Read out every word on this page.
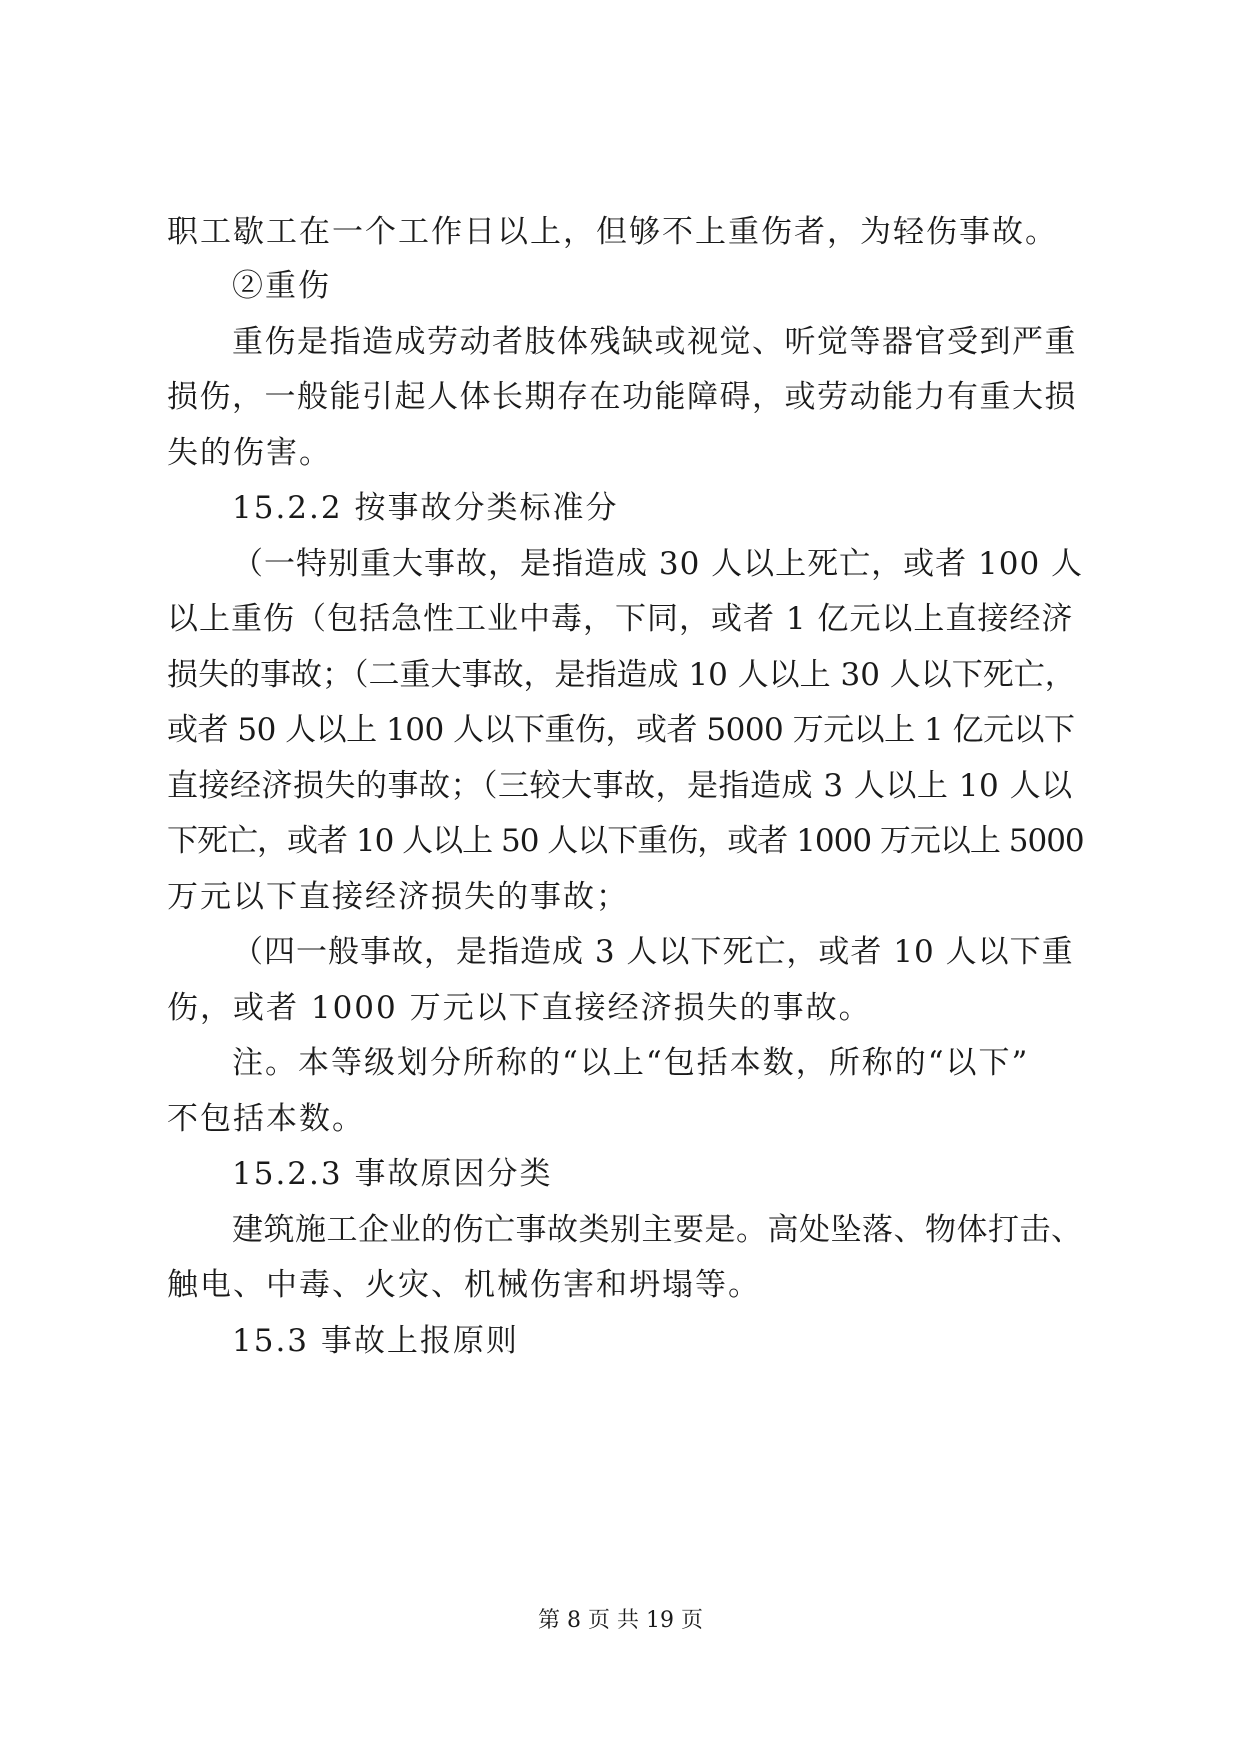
职工歇工在一个工作日以上，但够不上重伤者，为轻伤事故。
②重伤
重伤是指造成劳动者肢体残缺或视觉、听觉等器官受到严重
损伤，一般能引起人体长期存在功能障碍，或劳动能力有重大损
失的伤害。
15.2.2 按事故分类标准分
（一特别重大事故，是指造成 30 人以上死亡，或者 100 人
以上重伤（包括急性工业中毒，下同，或者 1 亿元以上直接经济
损失的事故；（二重大事故，是指造成 10 人以上 30 人以下死亡，
或者 50 人以上 100 人以下重伤，或者 5000 万元以上 1 亿元以下
直接经济损失的事故；（三较大事故，是指造成 3 人以上 10 人以
下死亡，或者 10 人以上 50 人以下重伤，或者 1000 万元以上 5000
万元以下直接经济损失的事故；
（四一般事故，是指造成 3 人以下死亡，或者 10 人以下重
伤，或者 1000 万元以下直接经济损失的事故。
注。本等级划分所称的“以上“包括本数，所称的“以下”
不包括本数。
15.2.3 事故原因分类
建筑施工企业的伤亡事故类别主要是。高处坠落、物体打击、
触电、中毒、火灾、机械伤害和坍塌等。
15.3 事故上报原则
第 8 页 共 19 页
